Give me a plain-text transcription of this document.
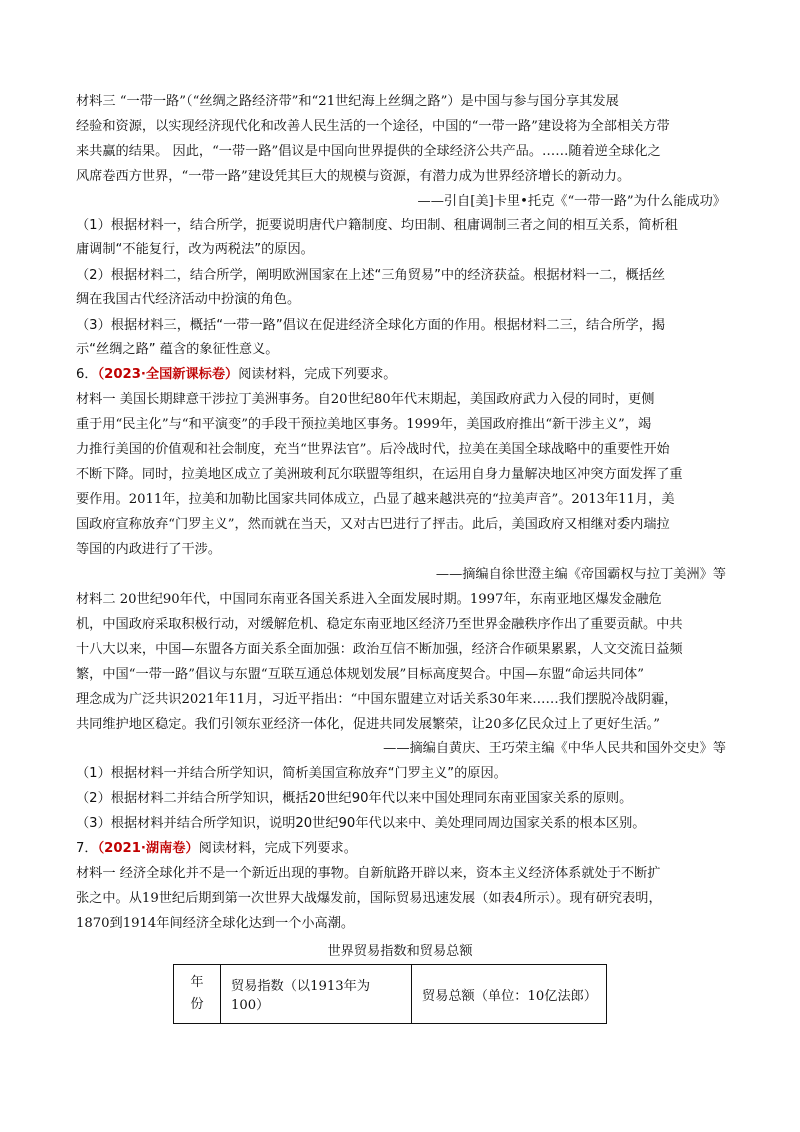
材料三 “一带一路”（“丝绸之路经济带”和“21世纪海上丝绸之路”）是中国与参与国分享其发展
经验和资源，以实现经济现代化和改善人民生活的一个途径，中国的“一带一路”建设将为全部相关方带
来共赢的结果。 因此，“一带一路”倡议是中国向世界提供的全球经济公共产品。……随着逆全球化之
风席卷西方世界，“一带一路”建设凭其巨大的规模与资源，有潜力成为世界经济增长的新动力。
——引自[美]卡里•托克《“一带一路”为什么能成功》
（1）根据材料一，结合所学，扼要说明唐代户籍制度、均田制、租庸调制三者之间的相互关系，简析租
庸调制“不能复行，改为两税法”的原因。
（2）根据材料二，结合所学，阐明欧洲国家在上述“三角贸易”中的经济获益。根据材料一二，概括丝
绸在我国古代经济活动中扮演的角色。
（3）根据材料三，概括“一带一路”倡议在促进经济全球化方面的作用。根据材料二三，结合所学，揭
示“丝绸之路” 蕴含的象征性意义。
6．（2023·全国新课标卷）阅读材料，完成下列要求。
材料一 美国长期肆意干涉拉丁美洲事务。自20世纪80年代末期起，美国政府武力入侵的同时，更侧
重于用“民主化”与“和平演变”的手段干预拉美地区事务。1999年，美国政府推出“新干涉主义”，竭
力推行美国的价值观和社会制度，充当“世界法官”。后冷战时代，拉美在美国全球战略中的重要性开始
不断下降。同时，拉美地区成立了美洲玻利瓦尔联盟等组织，在运用自身力量解决地区冲突方面发挥了重
要作用。2011年，拉美和加勒比国家共同体成立，凸显了越来越洪亮的“拉美声音”。2013年11月，美
国政府宣称放弃“门罗主义”，然而就在当天，又对古巴进行了抨击。此后，美国政府又相继对委内瑞拉
等国的内政进行了干涉。
——摘编自徐世澄主编《帝国霸权与拉丁美洲》等
材料二 20世纪90年代，中国同东南亚各国关系进入全面发展时期。1997年，东南亚地区爆发金融危
机，中国政府采取积极行动，对缓解危机、稳定东南亚地区经济乃至世界金融秩序作出了重要贡献。中共
十八大以来，中国—东盟各方面关系全面加强：政治互信不断加强，经济合作硕果累累，人文交流日益频
繁，中国“一带一路”倡议与东盟“互联互通总体规划发展”目标高度契合。中国—东盟“命运共同体”
理念成为广泛共识2021年11月，习近平指出：“中国东盟建立对话关系30年来……我们摆脱冷战阴霾，
共同维护地区稳定。我们引领东亚经济一体化，促进共同发展繁荣，让20多亿民众过上了更好生活。”
——摘编自黄庆、王巧荣主编《中华人民共和国外交史》等
（1）根据材料一并结合所学知识，简析美国宣称放弃“门罗主义”的原因。
（2）根据材料二并结合所学知识，概括20世纪90年代以来中国处理同东南亚国家关系的原则。
（3）根据材料并结合所学知识，说明20世纪90年代以来中、美处理同周边国家关系的根本区别。
7．（2021·湖南卷）阅读材料，完成下列要求。
材料一 经济全球化并不是一个新近出现的事物。自新航路开辟以来，资本主义经济体系就处于不断扩
张之中。从19世纪后期到第一次世界大战爆发前，国际贸易迅速发展（如表4所示）。现有研究表明，
1870到1914年间经济全球化达到一个小高潮。
世界贸易指数和贸易总额
年份	贸易指数（以1913年为100）	贸易总额（单位：10亿法郎）
